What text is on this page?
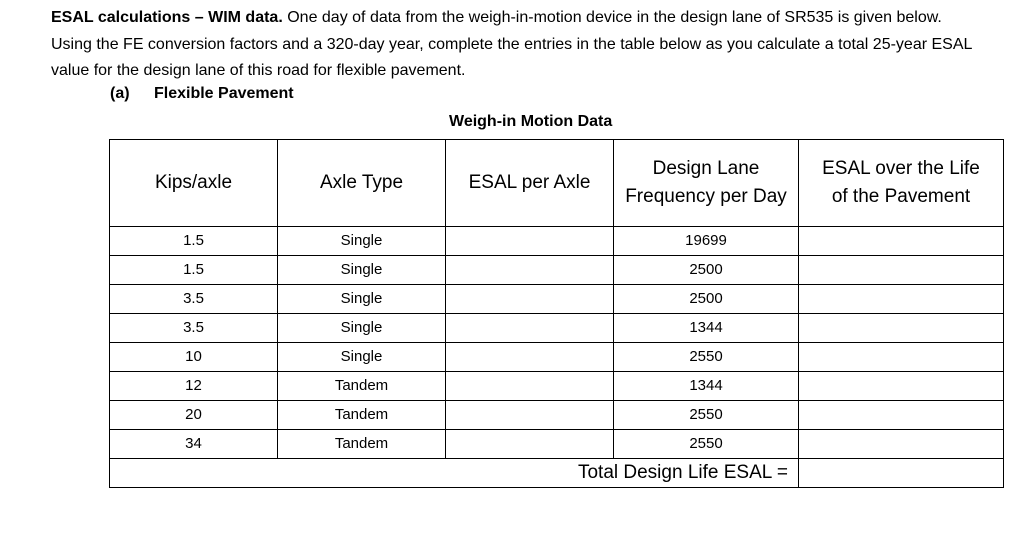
ESAL calculations – WIM data. One day of data from the weigh-in-motion device in the design lane of SR535 is given below. Using the FE conversion factors and a 320-day year, complete the entries in the table below as you calculate a total 25-year ESAL value for the design lane of this road for flexible pavement.
(a) Flexible Pavement
Weigh-in Motion Data
Kips/axle	Axle Type	ESAL per Axle	Design Lane Frequency per Day	ESAL over the Life of the Pavement
1.5	Single		19699	
1.5	Single		2500	
3.5	Single		2500	
3.5	Single		1344	
10	Single		2550	
12	Tandem		1344	
20	Tandem		2550	
34	Tandem		2550	
Total Design Life ESAL =				
